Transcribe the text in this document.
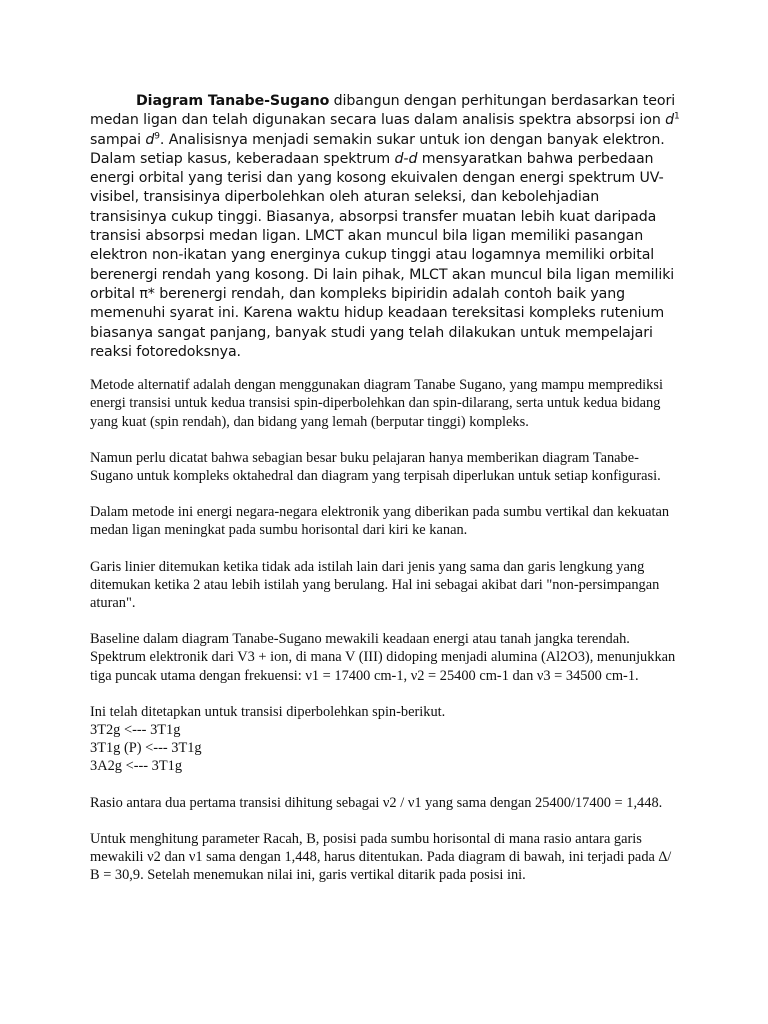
Diagram Tanabe-Sugano dibangun dengan perhitungan berdasarkan teori medan ligan dan telah digunakan secara luas dalam analisis spektra absorpsi ion $d^1$ sampai $d^9$. Analisisnya menjadi semakin sukar untuk ion dengan banyak elektron. Dalam setiap kasus, keberadaan spektrum d-d mensyaratkan bahwa perbedaan energi orbital yang terisi dan yang kosong ekuivalen dengan energi spektrum UV-visibel, transisinya diperbolehkan oleh aturan seleksi, dan kebolehjadian transisinya cukup tinggi. Biasanya, absorpsi transfer muatan lebih kuat daripada transisi absorpsi medan ligan. LMCT akan muncul bila ligan memiliki pasangan elektron non-ikatan yang energinya cukup tinggi atau logamnya memiliki orbital berenergi rendah yang kosong. Di lain pihak, MLCT akan muncul bila ligan memiliki orbital π* berenergi rendah, dan kompleks bipiridin adalah contoh baik yang memenuhi syarat ini. Karena waktu hidup keadaan tereksitasi kompleks rutenium biasanya sangat panjang, banyak studi yang telah dilakukan untuk mempelajari reaksi fotoredoksnya.

Metode alternatif adalah dengan menggunakan diagram Tanabe Sugano, yang mampu memprediksi energi transisi untuk kedua transisi spin-diperbolehkan dan spin-dilarang, serta untuk kedua bidang yang kuat (spin rendah), dan bidang yang lemah (berputar tinggi) kompleks.

Namun perlu dicatat bahwa sebagian besar buku pelajaran hanya memberikan diagram Tanabe-Sugano untuk kompleks oktahedral dan diagram yang terpisah diperlukan untuk setiap konfigurasi.

Dalam metode ini energi negara-negara elektronik yang diberikan pada sumbu vertikal dan kekuatan medan ligan meningkat pada sumbu horisontal dari kiri ke kanan.

Garis linier ditemukan ketika tidak ada istilah lain dari jenis yang sama dan garis lengkung yang ditemukan ketika 2 atau lebih istilah yang berulang. Hal ini sebagai akibat dari "non-persimpangan aturan".

Baseline dalam diagram Tanabe-Sugano mewakili keadaan energi atau tanah jangka terendah. Spektrum elektronik dari V3 + ion, di mana V (III) didoping menjadi alumina (Al2O3), menunjukkan tiga puncak utama dengan frekuensi: ν1 = 17400 cm-1, ν2 = 25400 cm-1 dan ν3 = 34500 cm-1.

Ini telah ditetapkan untuk transisi diperbolehkan spin-berikut.
3T2g <--- 3T1g
3T1g (P) <--- 3T1g
3A2g <--- 3T1g

Rasio antara dua pertama transisi dihitung sebagai ν2 / ν1 yang sama dengan 25400/17400 = 1,448.

Untuk menghitung parameter Racah, B, posisi pada sumbu horisontal di mana rasio antara garis mewakili ν2 dan ν1 sama dengan 1,448, harus ditentukan. Pada diagram di bawah, ini terjadi pada ∆/ B = 30,9. Setelah menemukan nilai ini, garis vertikal ditarik pada posisi ini.
